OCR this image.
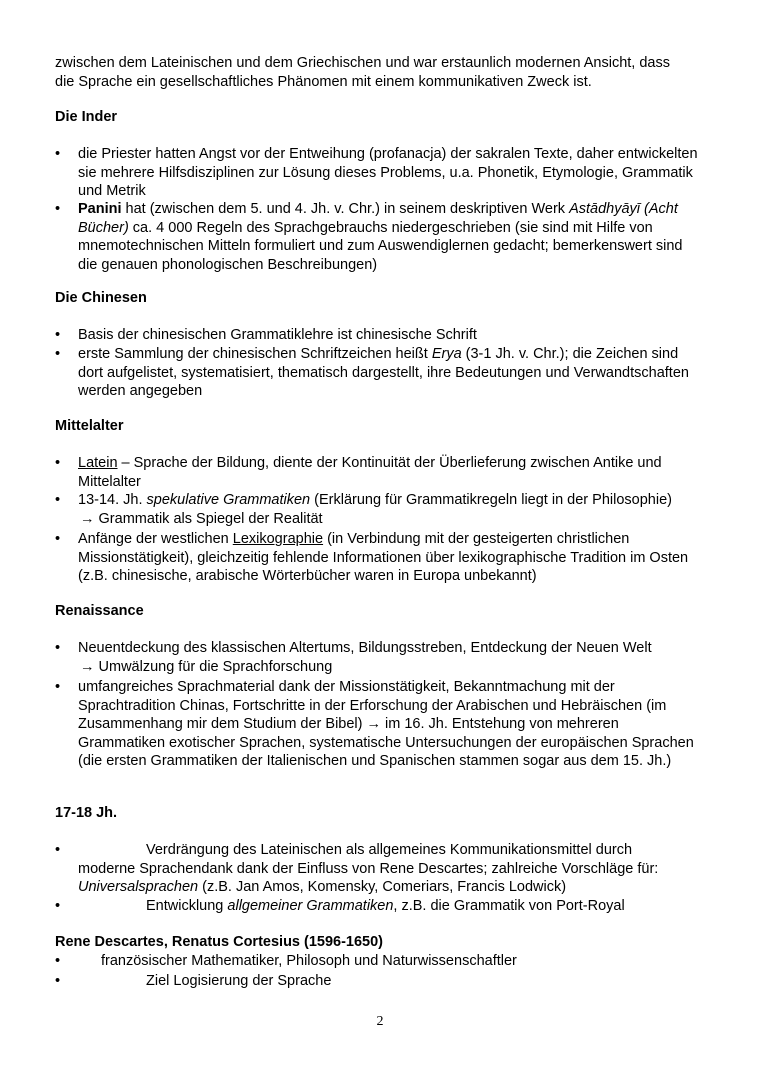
zwischen dem Lateinischen und dem Griechischen und war erstaunlich modernen Ansicht, dass
die Sprache ein gesellschaftliches Phänomen mit einem kommunikativen Zweck ist.
Die Inder
•	die Priester hatten Angst vor der Entweihung (profanacja) der sakralen Texte, daher entwickelten sie mehrere Hilfsdisziplinen zur Lösung dieses Problems, u.a. Phonetik, Etymologie, Grammatik und Metrik
•	Panini hat (zwischen dem 5. und 4. Jh. v. Chr.) in seinem deskriptiven Werk Astādhyāyī (Acht Bücher) ca. 4 000 Regeln des Sprachgebrauchs niedergeschrieben (sie sind mit Hilfe von mnemotechnischen Mitteln formuliert und zum Auswendiglernen gedacht; bemerkenswert sind die genauen phonologischen Beschreibungen)
Die Chinesen
•	Basis der chinesischen Grammatiklehre ist chinesische Schrift
•	erste Sammlung der chinesischen Schriftzeichen heißt Erya (3-1 Jh. v. Chr.); die Zeichen sind dort aufgelistet, systematisiert, thematisch dargestellt, ihre Bedeutungen und Verwandtschaften werden angegeben
Mittelalter
•	Latein – Sprache der Bildung, diente der Kontinuität der Überlieferung zwischen Antike und Mittelalter
•	13-14. Jh. spekulative Grammatiken (Erklärung für Grammatikregeln liegt in der Philosophie)
→ Grammatik als Spiegel der Realität
•	Anfänge der westlichen Lexikographie (in Verbindung mit der gesteigerten christlichen Missionstätigkeit), gleichzeitig fehlende Informationen über lexikographische Tradition im Osten (z.B. chinesische, arabische Wörterbücher waren in Europa unbekannt)
Renaissance
•	Neuentdeckung des klassischen Altertums, Bildungsstreben, Entdeckung der Neuen Welt
→ Umwälzung für die Sprachforschung
•	umfangreiches Sprachmaterial dank der Missionstätigkeit, Bekanntmachung mit der Sprachtradition Chinas, Fortschritte in der Erforschung der Arabischen und Hebräischen (im Zusammenhang mir dem Studium der Bibel) → im 16. Jh. Entstehung von mehreren Grammatiken exotischer Sprachen, systematische Untersuchungen der europäischen Sprachen (die ersten Grammatiken der Italienischen und Spanischen stammen sogar aus dem 15. Jh.)
17-18 Jh.
•	Verdrängung des Lateinischen als allgemeines Kommunikationsmittel durch
moderne Sprachendank dank der Einfluss von Rene Descartes; zahlreiche Vorschläge für:
Universalsprachen (z.B. Jan Amos, Komensky, Comeriars, Francis Lodwick)
•	Entwicklung allgemeiner Grammatiken, z.B. die Grammatik von Port-Royal
Rene Descartes, Renatus Cortesius (1596-1650)
•	französischer Mathematiker, Philosoph und Naturwissenschaftler
•	Ziel Logisierung der Sprache
2
